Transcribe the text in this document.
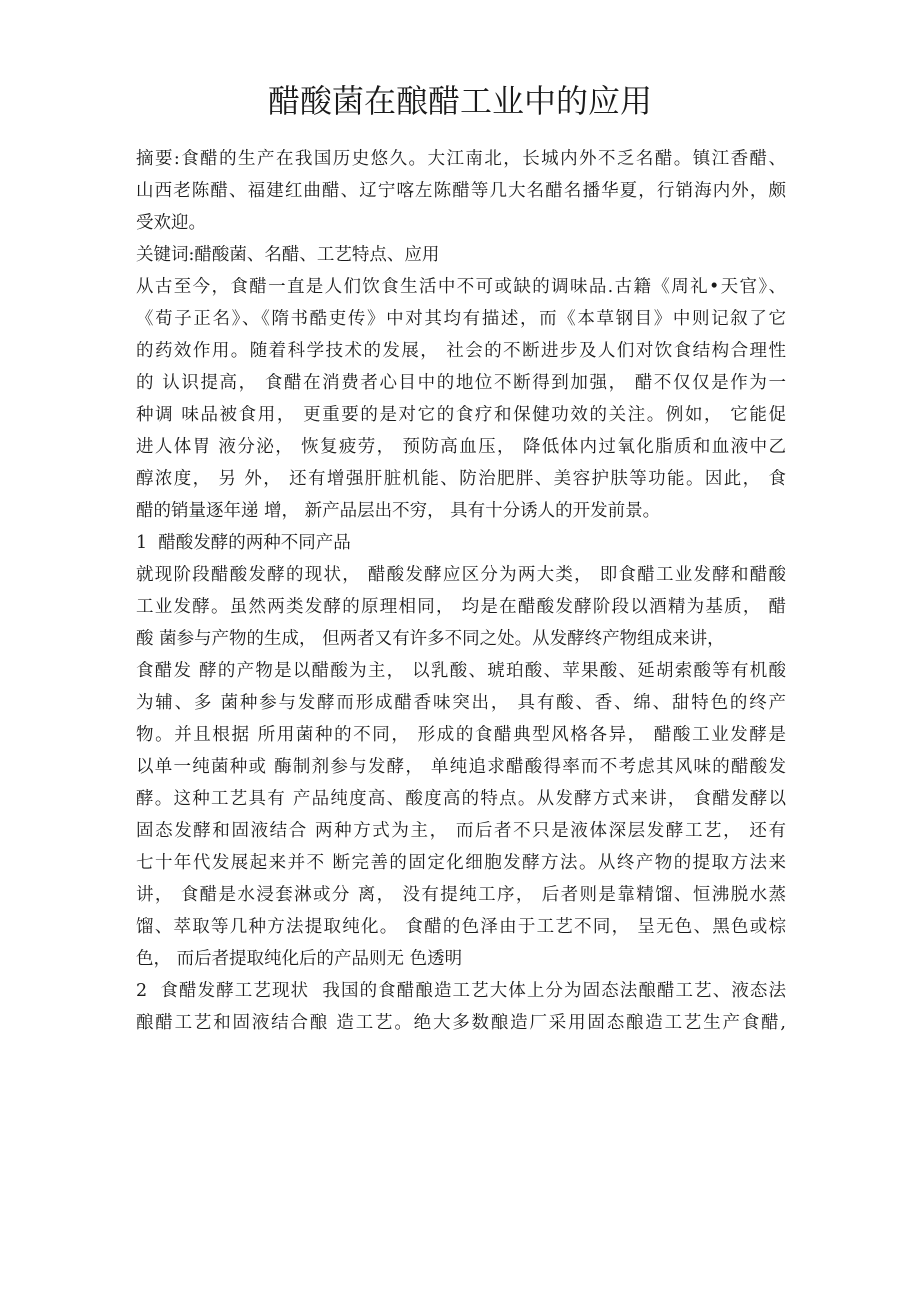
醋酸菌在酿醋工业中的应用
摘要:食醋的生产在我国历史悠久。大江南北，长城内外不乏名醋。镇江香醋、
山西老陈醋、福建红曲醋、辽宁喀左陈醋等几大名醋名播华夏，行销海内外，颇
受欢迎。
关键词:醋酸菌、名醋、工艺特点、应用
从古至今，食醋一直是人们饮食生活中不可或缺的调味品.古籍《周礼•天官》、
《荀子正名》、《隋书酷吏传》中对其均有描述，而《本草钢目》中则记叙了它
的药效作用。随着科学技术的发展， 社会的不断进步及人们对饮食结构合理性
的 认识提高， 食醋在消费者心目中的地位不断得到加强， 醋不仅仅是作为一
种调 味品被食用， 更重要的是对它的食疗和保健功效的关注。例如， 它能促
进人体胃 液分泌， 恢复疲劳， 预防高血压， 降低体内过氧化脂质和血液中乙
醇浓度， 另 外， 还有增强肝脏机能、防治肥胖、美容护肤等功能。因此， 食
醋的销量逐年递 增， 新产品层出不穷， 具有十分诱人的开发前景。
1  醋酸发酵的两种不同产品
就现阶段醋酸发酵的现状， 醋酸发酵应区分为两大类， 即食醋工业发酵和醋酸
工业发酵。虽然两类发酵的原理相同， 均是在醋酸发酵阶段以酒精为基质， 醋
酸 菌参与产物的生成， 但两者又有许多不同之处。从发酵终产物组成来讲，
食醋发 酵的产物是以醋酸为主， 以乳酸、琥珀酸、苹果酸、延胡索酸等有机酸
为辅、多 菌种参与发酵而形成醋香味突出， 具有酸、香、绵、甜特色的终产
物。并且根据 所用菌种的不同， 形成的食醋典型风格各异， 醋酸工业发酵是
以单一纯菌种或 酶制剂参与发酵， 单纯追求醋酸得率而不考虑其风味的醋酸发
酵。这种工艺具有 产品纯度高、酸度高的特点。从发酵方式来讲， 食醋发酵以
固态发酵和固液结合 两种方式为主， 而后者不只是液体深层发酵工艺， 还有
七十年代发展起来并不 断完善的固定化细胞发酵方法。从终产物的提取方法来
讲， 食醋是水浸套淋或分 离， 没有提纯工序， 后者则是靠精馏、恒沸脱水蒸
馏、萃取等几种方法提取纯化。 食醋的色泽由于工艺不同， 呈无色、黑色或棕
色， 而后者提取纯化后的产品则无 色透明
2  食醋发酵工艺现状  我国的食醋酿造工艺大体上分为固态法酿醋工艺、液态法
酿醋工艺和固液结合酿 造工艺。绝大多数酿造厂采用固态酿造工艺生产食醋,
